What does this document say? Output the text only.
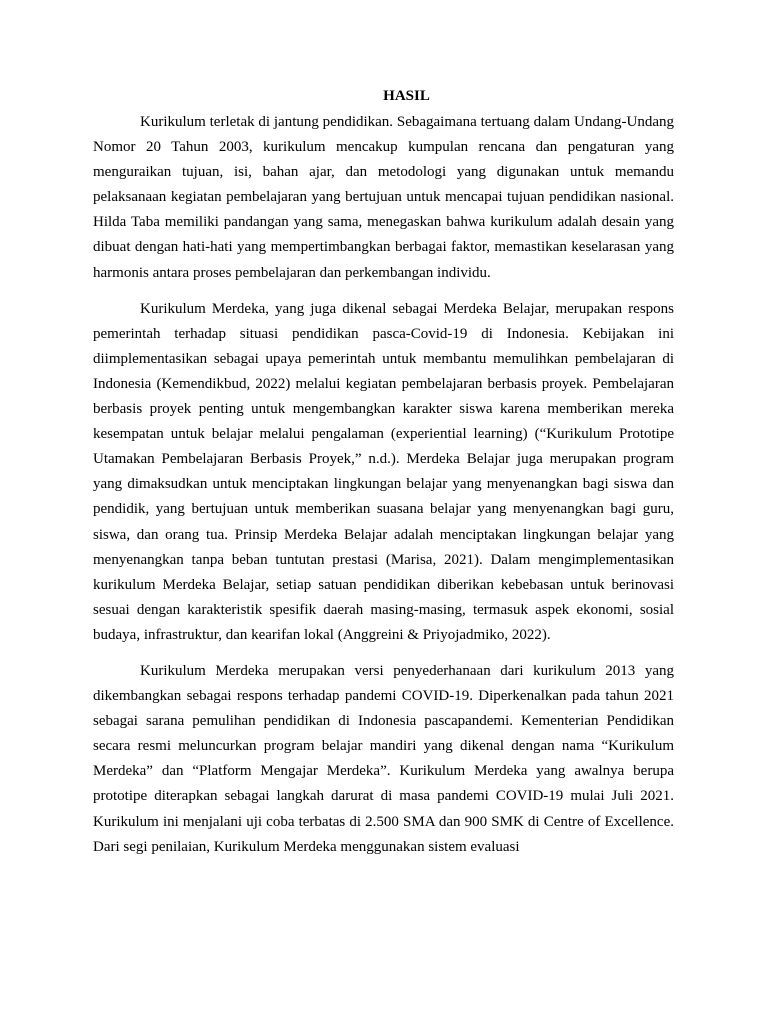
HASIL

Kurikulum terletak di jantung pendidikan. Sebagaimana tertuang dalam Undang-Undang Nomor 20 Tahun 2003, kurikulum mencakup kumpulan rencana dan pengaturan yang menguraikan tujuan, isi, bahan ajar, dan metodologi yang digunakan untuk memandu pelaksanaan kegiatan pembelajaran yang bertujuan untuk mencapai tujuan pendidikan nasional. Hilda Taba memiliki pandangan yang sama, menegaskan bahwa kurikulum adalah desain yang dibuat dengan hati-hati yang mempertimbangkan berbagai faktor, memastikan keselarasan yang harmonis antara proses pembelajaran dan perkembangan individu.

Kurikulum Merdeka, yang juga dikenal sebagai Merdeka Belajar, merupakan respons pemerintah terhadap situasi pendidikan pasca-Covid-19 di Indonesia. Kebijakan ini diimplementasikan sebagai upaya pemerintah untuk membantu memulihkan pembelajaran di Indonesia (Kemendikbud, 2022) melalui kegiatan pembelajaran berbasis proyek. Pembelajaran berbasis proyek penting untuk mengembangkan karakter siswa karena memberikan mereka kesempatan untuk belajar melalui pengalaman (experiential learning) (“Kurikulum Prototipe Utamakan Pembelajaran Berbasis Proyek,” n.d.). Merdeka Belajar juga merupakan program yang dimaksudkan untuk menciptakan lingkungan belajar yang menyenangkan bagi siswa dan pendidik, yang bertujuan untuk memberikan suasana belajar yang menyenangkan bagi guru, siswa, dan orang tua. Prinsip Merdeka Belajar adalah menciptakan lingkungan belajar yang menyenangkan tanpa beban tuntutan prestasi (Marisa, 2021). Dalam mengimplementasikan kurikulum Merdeka Belajar, setiap satuan pendidikan diberikan kebebasan untuk berinovasi sesuai dengan karakteristik spesifik daerah masing-masing, termasuk aspek ekonomi, sosial budaya, infrastruktur, dan kearifan lokal (Anggreini & Priyojadmiko, 2022).

Kurikulum Merdeka merupakan versi penyederhanaan dari kurikulum 2013 yang dikembangkan sebagai respons terhadap pandemi COVID-19. Diperkenalkan pada tahun 2021 sebagai sarana pemulihan pendidikan di Indonesia pascapandemi. Kementerian Pendidikan secara resmi meluncurkan program belajar mandiri yang dikenal dengan nama “Kurikulum Merdeka” dan “Platform Mengajar Merdeka”. Kurikulum Merdeka yang awalnya berupa prototipe diterapkan sebagai langkah darurat di masa pandemi COVID-19 mulai Juli 2021. Kurikulum ini menjalani uji coba terbatas di 2.500 SMA dan 900 SMK di Centre of Excellence. Dari segi penilaian, Kurikulum Merdeka menggunakan sistem evaluasi
